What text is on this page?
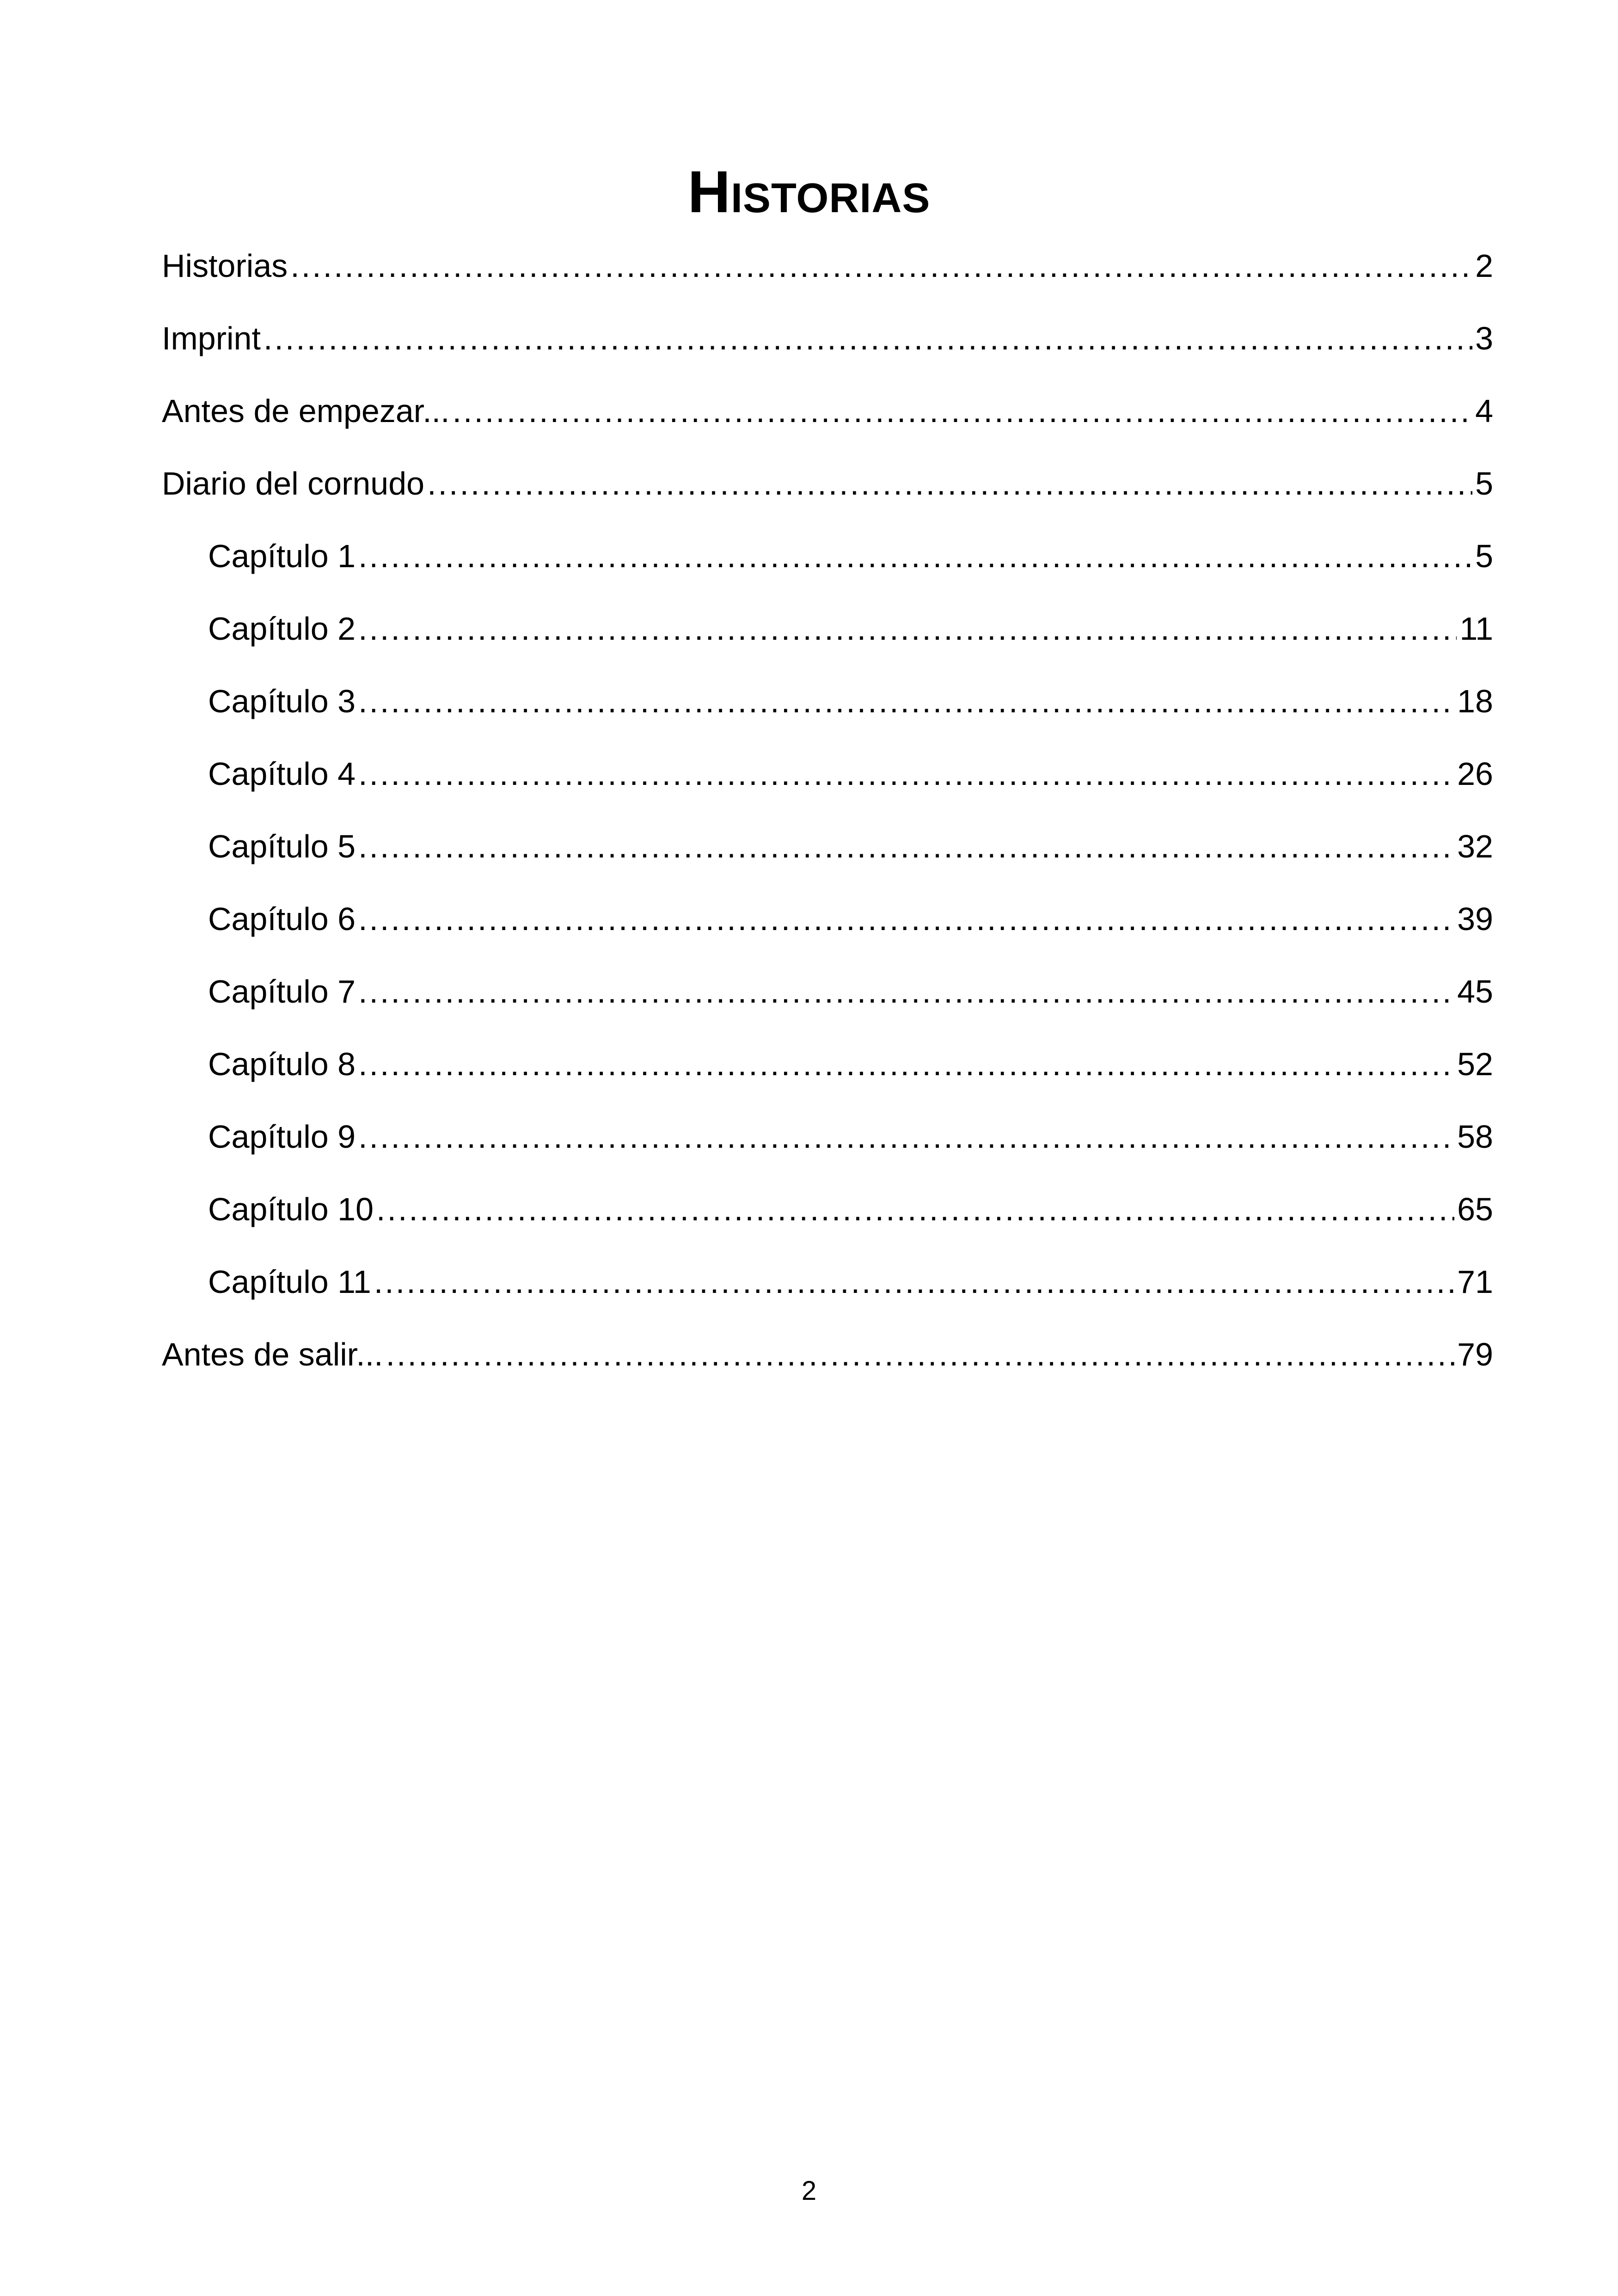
Historias
Historias .....	2
Imprint .....	3
Antes de empezar... .....	4
Diario del cornudo .....	5
Capítulo 1 .....	5
Capítulo 2 .....	11
Capítulo 3 .....	18
Capítulo 4 .....	26
Capítulo 5 .....	32
Capítulo 6 .....	39
Capítulo 7 .....	45
Capítulo 8 .....	52
Capítulo 9 .....	58
Capítulo 10 .....	65
Capítulo 11 .....	71
Antes de salir... .....	79
2
